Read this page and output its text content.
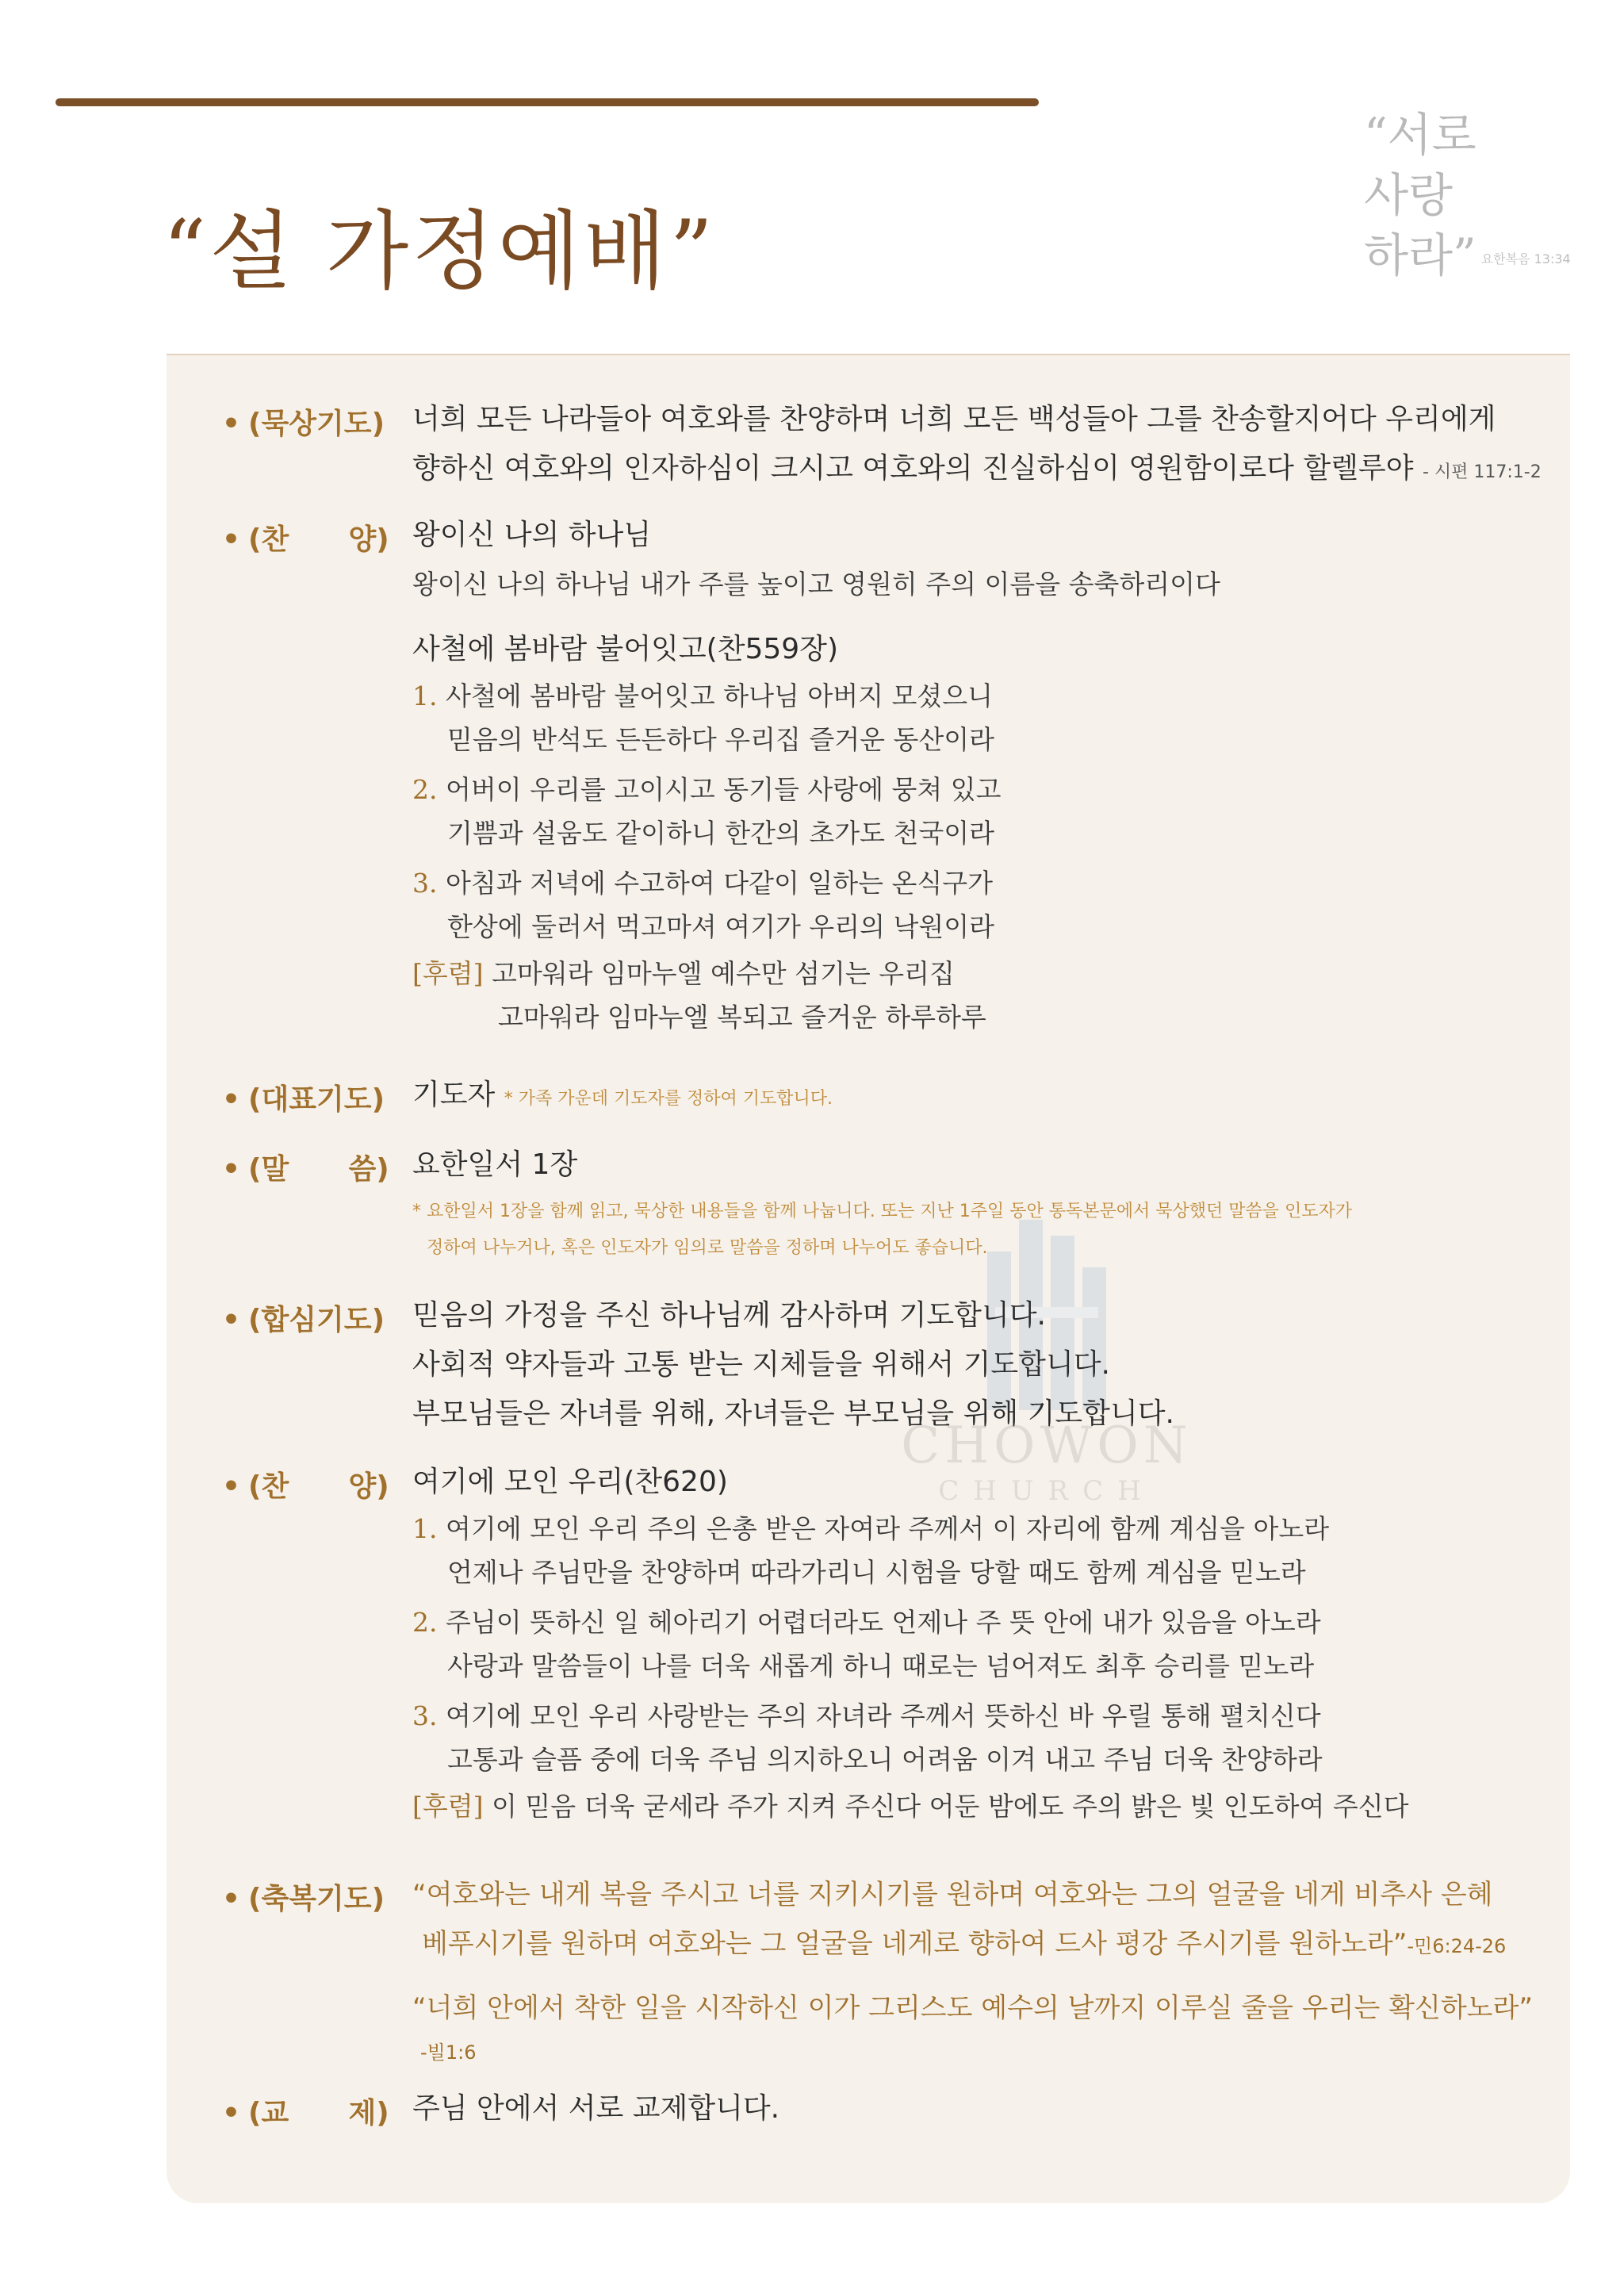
“설 가정예배”
“서로
사랑
하라” 요한복음 13:34
CHOWON
CHURCH
• (묵상기도) 너희 모든 나라들아 여호와를 찬양하며 너희 모든 백성들아 그를 찬송할지어다 우리에게
향하신 여호와의 인자하심이 크시고 여호와의 진실하심이 영원함이로다 할렐루야 - 시편 117:1-2
• (찬      양) 왕이신 나의 하나님
왕이신 나의 하나님 내가 주를 높이고 영원히 주의 이름을 송축하리이다
사철에 봄바람 불어잇고(찬559장)
1. 사철에 봄바람 불어잇고 하나님 아버지 모셨으니
믿음의 반석도 든든하다 우리집 즐거운 동산이라
2. 어버이 우리를 고이시고 동기들 사랑에 뭉쳐 있고
기쁨과 설움도 같이하니 한간의 초가도 천국이라
3. 아침과 저녁에 수고하여 다같이 일하는 온식구가
한상에 둘러서 먹고마셔 여기가 우리의 낙원이라
[후렴] 고마워라 임마누엘 예수만 섬기는 우리집
고마워라 임마누엘 복되고 즐거운 하루하루
• (대표기도) 기도자 * 가족 가운데 기도자를 정하여 기도합니다.
• (말      씀) 요한일서 1장
* 요한일서 1장을 함께 읽고, 묵상한 내용들을 함께 나눕니다. 또는 지난 1주일 동안 통독본문에서 묵상했던 말씀을 인도자가
정하여 나누거나, 혹은 인도자가 임의로 말씀을 정하며 나누어도 좋습니다.
• (합심기도) 믿음의 가정을 주신 하나님께 감사하며 기도합니다.
사회적 약자들과 고통 받는 지체들을 위해서 기도합니다.
부모님들은 자녀를 위해, 자녀들은 부모님을 위해 기도합니다.
• (찬      양) 여기에 모인 우리(찬620)
1. 여기에 모인 우리 주의 은총 받은 자여라 주께서 이 자리에 함께 계심을 아노라
언제나 주님만을 찬양하며 따라가리니 시험을 당할 때도 함께 계심을 믿노라
2. 주님이 뜻하신 일 헤아리기 어렵더라도 언제나 주 뜻 안에 내가 있음을 아노라
사랑과 말씀들이 나를 더욱 새롭게 하니 때로는 넘어져도 최후 승리를 믿노라
3. 여기에 모인 우리 사랑받는 주의 자녀라 주께서 뜻하신 바 우릴 통해 펼치신다
고통과 슬픔 중에 더욱 주님 의지하오니 어려움 이겨 내고 주님 더욱 찬양하라
[후렴] 이 믿음 더욱 굳세라 주가 지켜 주신다 어둔 밤에도 주의 밝은 빛 인도하여 주신다
• (축복기도) “여호와는 내게 복을 주시고 너를 지키시기를 원하며 여호와는 그의 얼굴을 네게 비추사 은혜
베푸시기를 원하며 여호와는 그 얼굴을 네게로 향하여 드사 평강 주시기를 원하노라”-민6:24-26
“너희 안에서 착한 일을 시작하신 이가 그리스도 예수의 날까지 이루실 줄을 우리는 확신하노라”
-빌1:6
• (교      제) 주님 안에서 서로 교제합니다.
